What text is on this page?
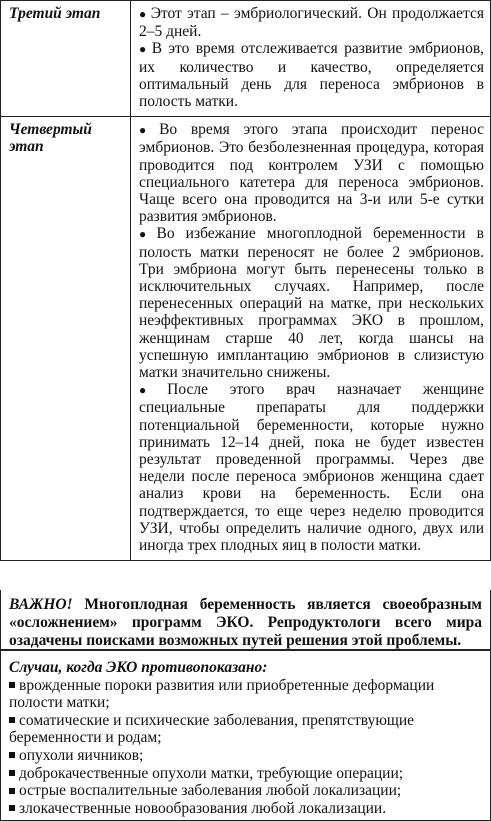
Третий этап	● Этот этап – эмбриологический. Он продолжается 2–5 дней.
● В это время отслеживается развитие эмбрионов, их количество и качество, определяется оптимальный день для переноса эмбрионов в полость матки.

Четвертый этап	● Во время этого этапа происходит перенос эмбрионов. Это безболезненная процедура, которая проводится под контролем УЗИ с помощью специального катетера для переноса эмбрионов. Чаще всего она проводится на 3-и или 5-е сутки развития эмбрионов.
● Во избежание многоплодной беременности в полость матки переносят не более 2 эмбрионов. Три эмбриона могут быть перенесены только в исключительных случаях. Например, после перенесенных операций на матке, при нескольких неэффективных программах ЭКО в прошлом, женщинам старше 40 лет, когда шансы на успешную имплантацию эмбрионов в слизистую матки значительно снижены.
● После этого врач назначает женщине специальные препараты для поддержки потенциальной беременности, которые нужно принимать 12–14 дней, пока не будет известен результат проведенной программы. Через две недели после переноса эмбрионов женщина сдает анализ крови на беременность. Если она подтверждается, то еще через неделю проводится УЗИ, чтобы определить наличие одного, двух или иногда трех плодных яиц в полости матки.
ВАЖНО! Многоплодная беременность является своеобразным «осложнением» программ ЭКО. Репродуктологи всего мира озадачены поисками возможных путей решения этой проблемы.
Случаи, когда ЭКО противопоказано:
врожденные пороки развития или приобретенные деформации полости матки;
соматические и психические заболевания, препятствующие беременности и родам;
опухоли яичников;
доброкачественные опухоли матки, требующие операции;
острые воспалительные заболевания любой локализации;
злокачественные новообразования любой локализации.
